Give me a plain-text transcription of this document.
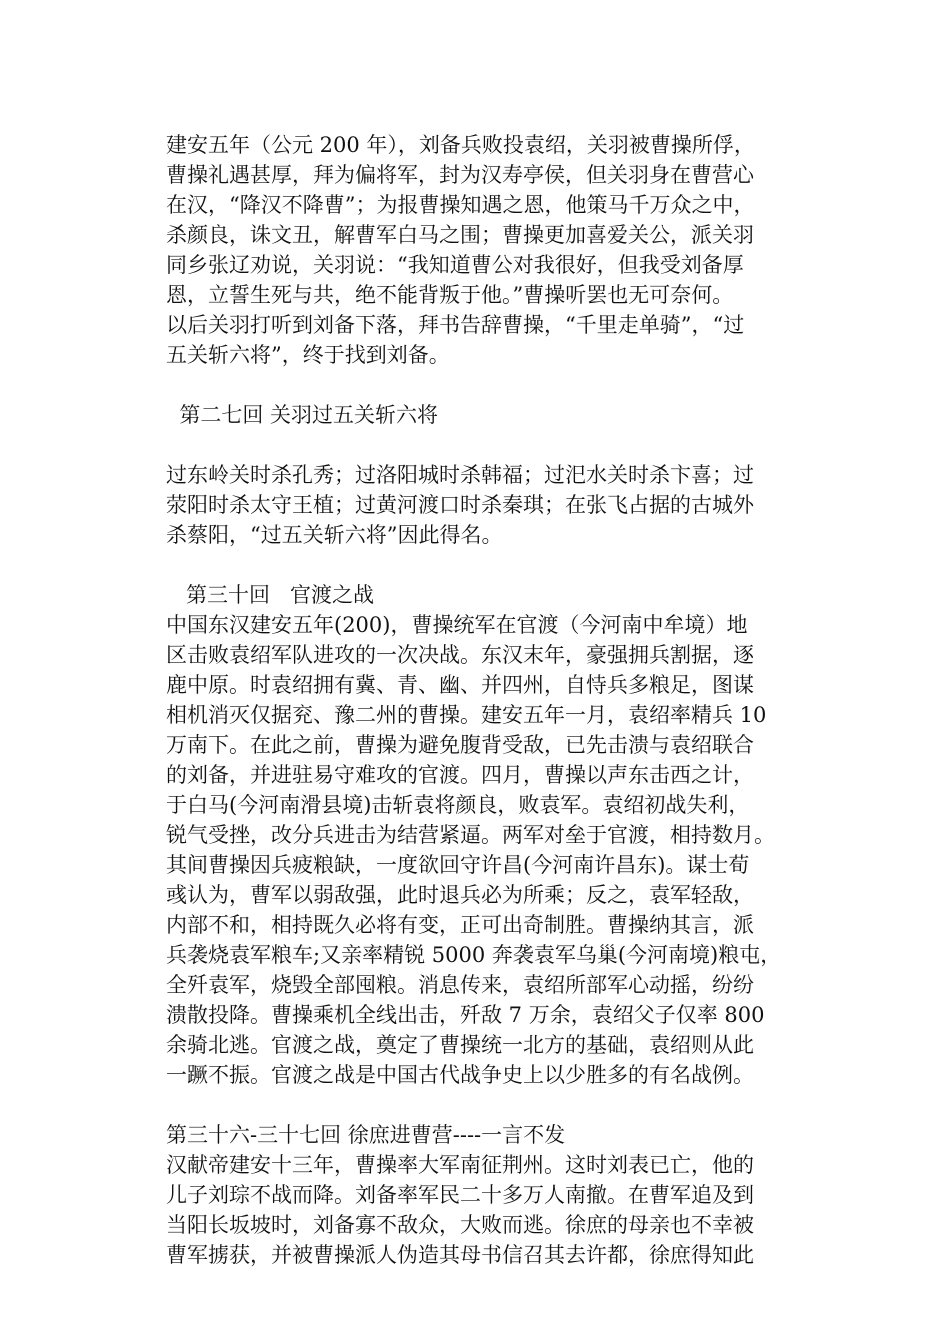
建安五年（公元 200 年），刘备兵败投袁绍，关羽被曹操所俘，
曹操礼遇甚厚，拜为偏将军，封为汉寿亭侯，但关羽身在曹营心
在汉，“降汉不降曹”；为报曹操知遇之恩，他策马千万众之中，
杀颜良，诛文丑，解曹军白马之围；曹操更加喜爱关公，派关羽
同乡张辽劝说，关羽说：“我知道曹公对我很好，但我受刘备厚
恩，立誓生死与共，绝不能背叛于他。”曹操听罢也无可奈何。
以后关羽打听到刘备下落，拜书告辞曹操，“千里走单骑”，“过
五关斩六将”，终于找到刘备。
第二七回 关羽过五关斩六将
过东岭关时杀孔秀；过洛阳城时杀韩福；过汜水关时杀卞喜；过
荥阳时杀太守王植；过黄河渡口时杀秦琪；在张飞占据的古城外
杀蔡阳，“过五关斩六将”因此得名。
第三十回   官渡之战
中国东汉建安五年(200)，曹操统军在官渡（今河南中牟境）地
区击败袁绍军队进攻的一次决战。东汉末年，豪强拥兵割据，逐
鹿中原。时袁绍拥有冀、青、幽、并四州，自恃兵多粮足，图谋
相机消灭仅据兖、豫二州的曹操。建安五年一月，袁绍率精兵 10
万南下。在此之前，曹操为避免腹背受敌，已先击溃与袁绍联合
的刘备，并进驻易守难攻的官渡。四月，曹操以声东击西之计，
于白马(今河南滑县境)击斩袁将颜良，败袁军。袁绍初战失利，
锐气受挫，改分兵进击为结营紧逼。两军对垒于官渡，相持数月。
其间曹操因兵疲粮缺，一度欲回守许昌(今河南许昌东)。谋士荀
彧认为，曹军以弱敌强，此时退兵必为所乘；反之，袁军轻敌，
内部不和，相持既久必将有变，正可出奇制胜。曹操纳其言，派
兵袭烧袁军粮车;又亲率精锐 5000 奔袭袁军乌巢(今河南境)粮屯，
全歼袁军，烧毁全部囤粮。消息传来，袁绍所部军心动摇，纷纷
溃散投降。曹操乘机全线出击，歼敌 7 万余，袁绍父子仅率 800
余骑北逃。官渡之战，奠定了曹操统一北方的基础，袁绍则从此
一蹶不振。官渡之战是中国古代战争史上以少胜多的有名战例。
第三十六-三十七回 徐庶进曹营----一言不发
汉献帝建安十三年，曹操率大军南征荆州。这时刘表已亡，他的
儿子刘琮不战而降。刘备率军民二十多万人南撤。在曹军追及到
当阳长坂坡时，刘备寡不敌众，大败而逃。徐庶的母亲也不幸被
曹军掳获，并被曹操派人伪造其母书信召其去许都，徐庶得知此
